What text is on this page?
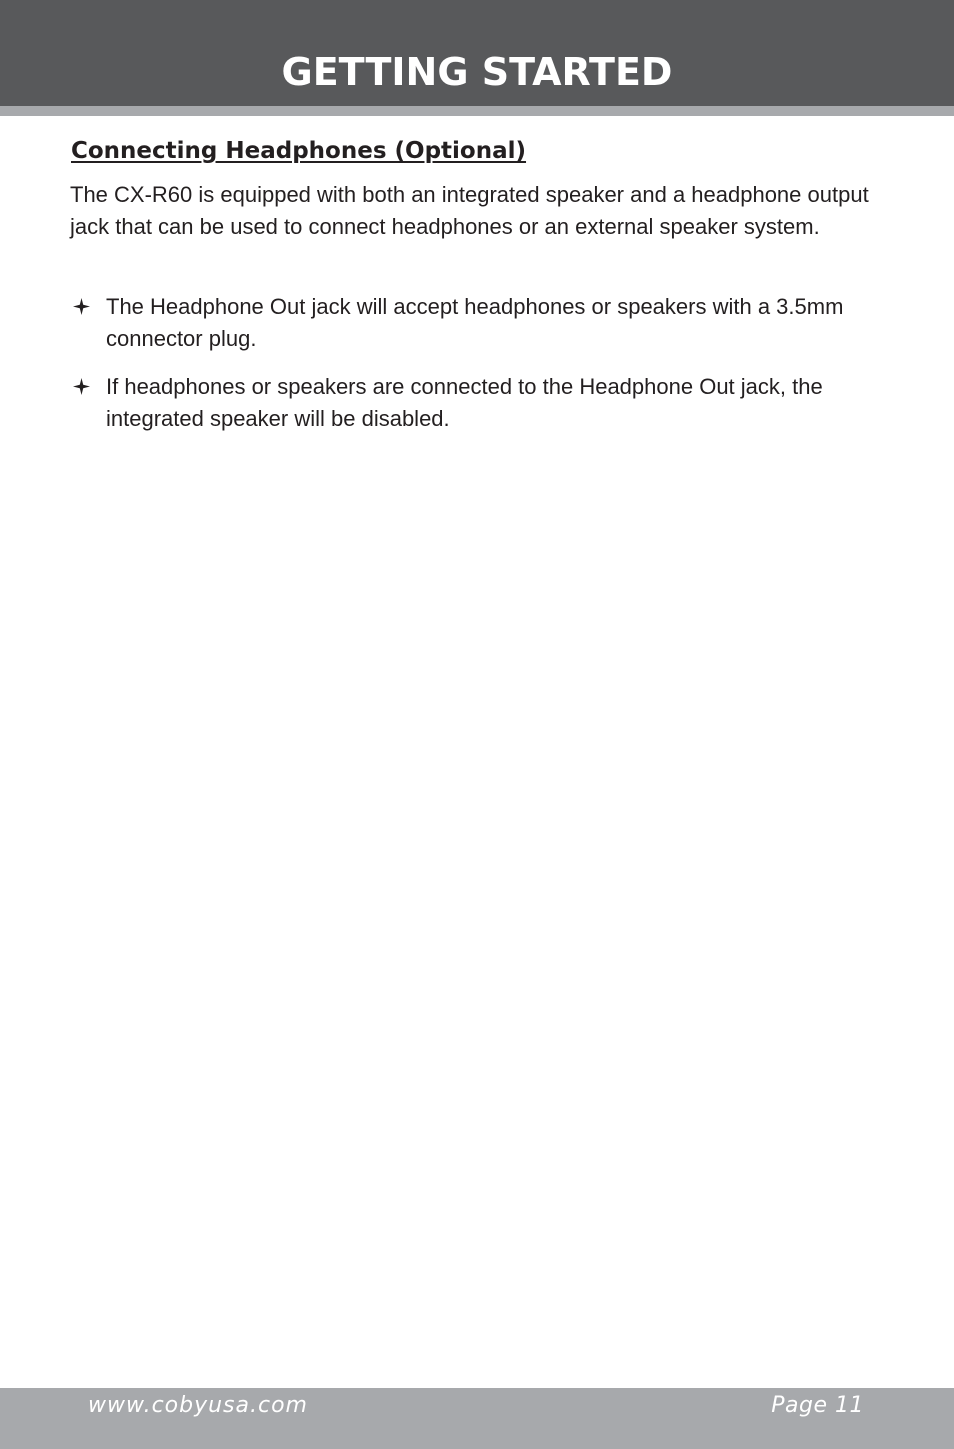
GETTING STARTED
Connecting Headphones (Optional)

The CX-R60 is equipped with both an integrated speaker and a headphone output jack that can be used to connect headphones or an external speaker system.

The Headphone Out jack will accept headphones or speakers with a 3.5mm connector plug.
If headphones or speakers are connected to the Headphone Out jack, the integrated speaker will be disabled.
www.cobyusa.com	Page 11
